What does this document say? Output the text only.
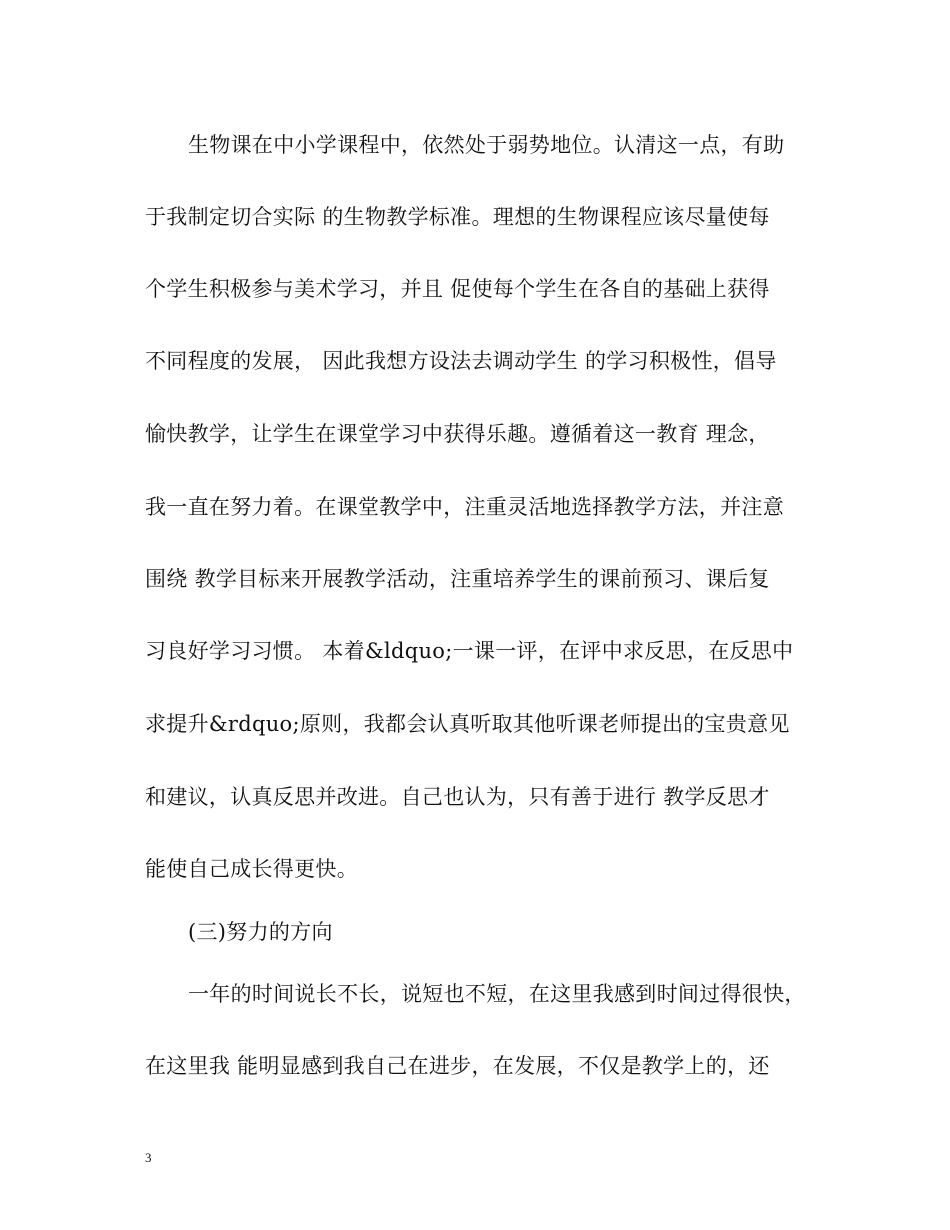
生物课在中小学课程中，依然处于弱势地位。认清这一点，有助
于我制定切合实际 的生物教学标准。理想的生物课程应该尽量使每
个学生积极参与美术学习，并且 促使每个学生在各自的基础上获得
不同程度的发展， 因此我想方设法去调动学生 的学习积极性，倡导
愉快教学，让学生在课堂学习中获得乐趣。遵循着这一教育 理念，
我一直在努力着。在课堂教学中，注重灵活地选择教学方法，并注意
围绕 教学目标来开展教学活动，注重培养学生的课前预习、课后复
习良好学习习惯。 本着&ldquo;一课一评，在评中求反思，在反思中
求提升&rdquo;原则，我都会认真听取其他听课老师提出的宝贵意见
和建议，认真反思并改进。自己也认为，只有善于进行 教学反思才
能使自己成长得更快。
(三)努力的方向
一年的时间说长不长，说短也不短，在这里我感到时间过得很快，
在这里我 能明显感到我自己在进步，在发展，不仅是教学上的，还
3
